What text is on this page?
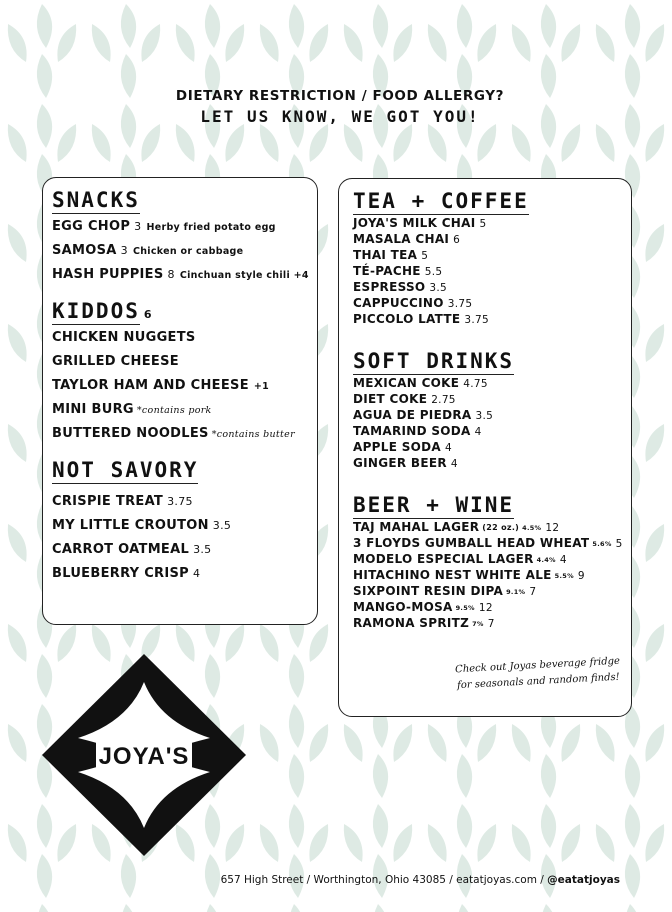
DIETARY RESTRICTION / FOOD ALLERGY?
LET US KNOW, WE GOT YOU!
SNACKS
EGG CHOP 3 Herby fried potato egg
SAMOSA 3 Chicken or cabbage
HASH PUPPIES 8 Cinchuan style chili +4
KIDDOS 6
CHICKEN NUGGETS
GRILLED CHEESE
TAYLOR HAM AND CHEESE +1
MINI BURG *contains pork
BUTTERED NOODLES *contains butter
NOT SAVORY
CRISPIE TREAT 3.75
MY LITTLE CROUTON 3.5
CARROT OATMEAL 3.5
BLUEBERRY CRISP 4
TEA + COFFEE
JOYA'S MILK CHAI 5
MASALA CHAI 6
THAI TEA 5
TÉ-PACHE 5.5
ESPRESSO 3.5
CAPPUCCINO 3.75
PICCOLO LATTE 3.75
SOFT DRINKS
MEXICAN COKE 4.75
DIET COKE 2.75
AGUA DE PIEDRA 3.5
TAMARIND SODA 4
APPLE SODA 4
GINGER BEER 4
BEER + WINE
TAJ MAHAL LAGER (22 oz.) 4.5% 12
3 FLOYDS GUMBALL HEAD WHEAT 5.6% 5
MODELO ESPECIAL LAGER 4.4% 4
HITACHINO NEST WHITE ALE 5.5% 9
SIXPOINT RESIN DIPA 9.1% 7
MANGO-MOSA 9.5% 12
RAMONA SPRITZ 7% 7
Check out Joyas beverage fridge
for seasonals and random finds!
JOYA'S
657 High Street / Worthington, Ohio 43085 / eatatjoyas.com / @eatatjoyas
